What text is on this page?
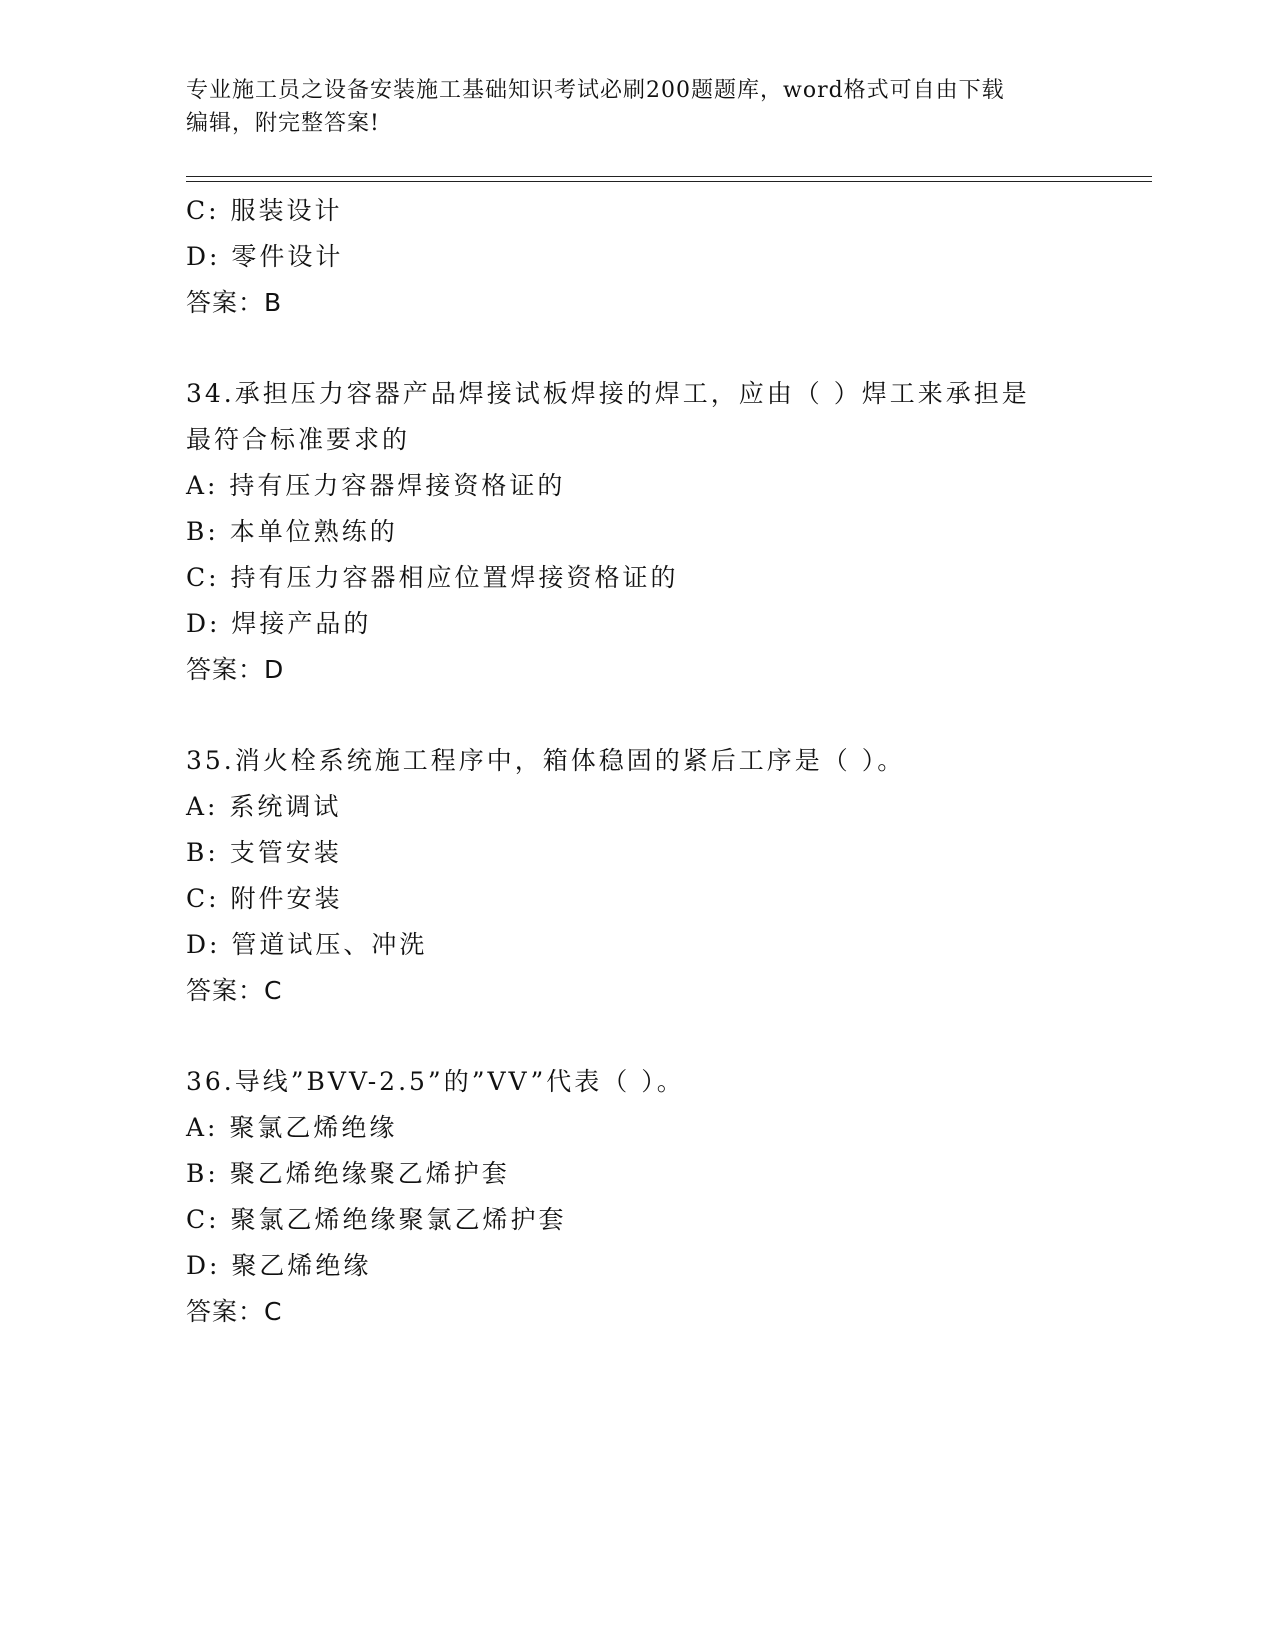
专业施工员之设备安装施工基础知识考试必刷200题题库，word格式可自由下载
编辑，附完整答案!
C: 服装设计
D: 零件设计
答案：B
34.承担压力容器产品焊接试板焊接的焊工，应由（ ）焊工来承担是
最符合标准要求的
A: 持有压力容器焊接资格证的
B: 本单位熟练的
C: 持有压力容器相应位置焊接资格证的
D: 焊接产品的
答案：D
35.消火栓系统施工程序中，箱体稳固的紧后工序是（ ）。
A: 系统调试
B: 支管安装
C: 附件安装
D: 管道试压、冲洗
答案：C
36.导线”BVV-2.5”的”VV”代表（ ）。
A: 聚氯乙烯绝缘
B: 聚乙烯绝缘聚乙烯护套
C: 聚氯乙烯绝缘聚氯乙烯护套
D: 聚乙烯绝缘
答案：C
